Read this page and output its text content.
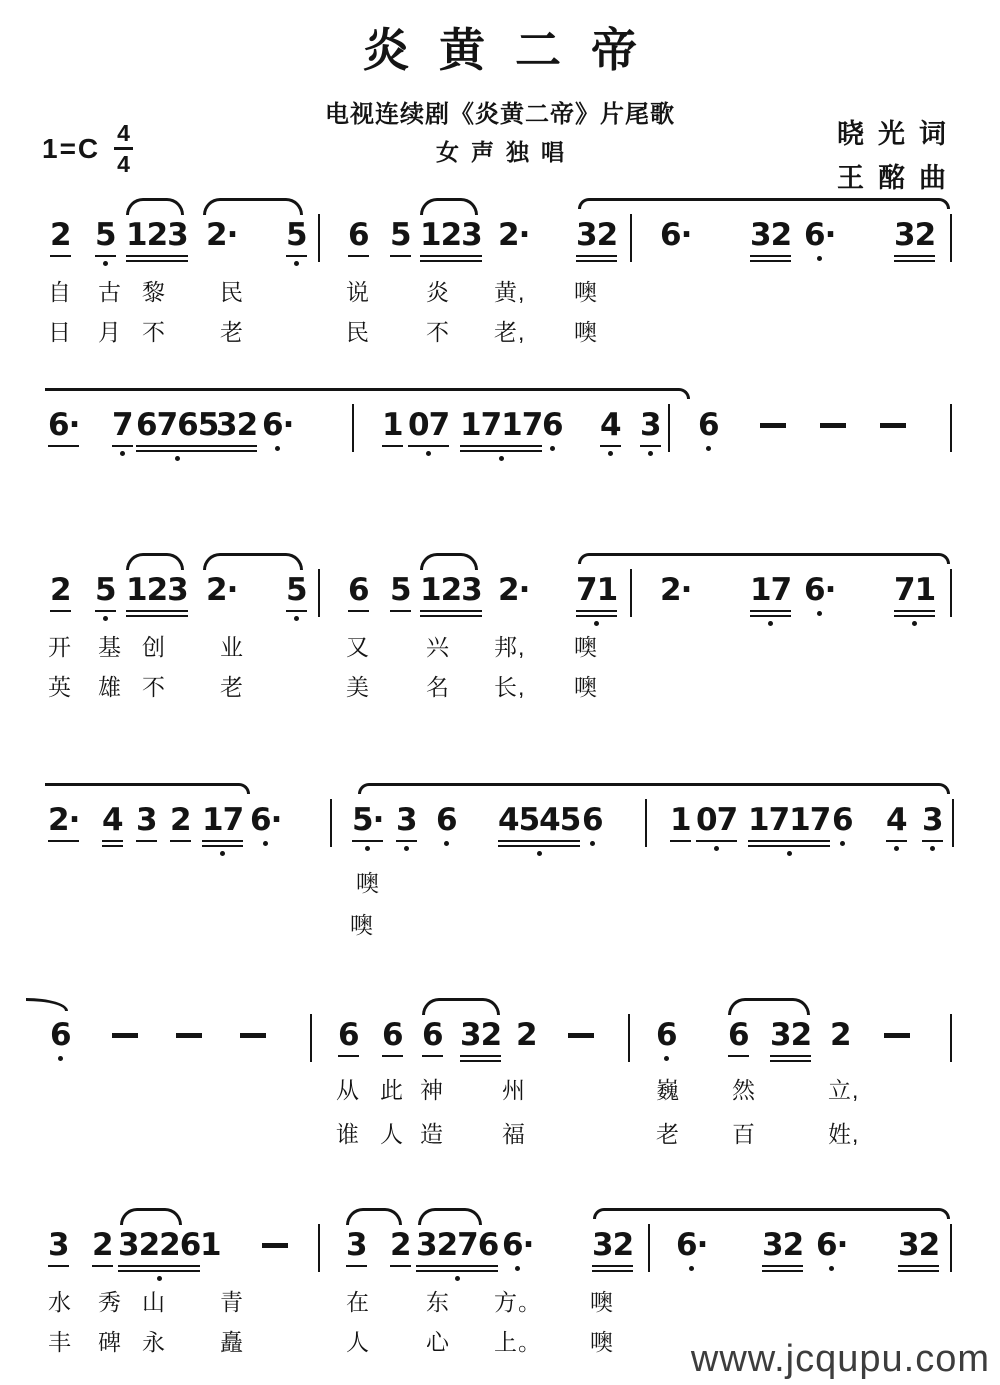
炎黄二帝
电视连续剧《炎黄二帝》片尾歌
女声独唱
$1=C \frac{4}{4}$	晓光词
王酩曲
2 5 123 2· 5 6 5 123 2· 32 6· 32 6· 32
自 古 黎 民	说 炎 黄, 噢
日 月 不 老	民 不 老, 噢
6· 7 6765
32 6·	1 07 1717 6 4 3 6
2 5 123 2· 5 6 5 123 2· 71 2· 17 6· 71
开 基 创 业	又 兴 邦, 噢
英 雄 不 老	美 名 长, 噢
2· 4 3 2 17 6· 5· 3 6 4545 6 1 07 1717 6 4 3
噢
噢
6	6 6 6 32 2	6 6 32 2
从 此 神	州	巍 然	立,
谁 人 造	福	老 百	姓,
3 2 3226 1	3 2 3276 6· 32 6· 32 6· 32
水 秀 山 青	在 东 方。 噢
丰 碑 永 矗	人 心 上。 噢 www.jcqupu.com
